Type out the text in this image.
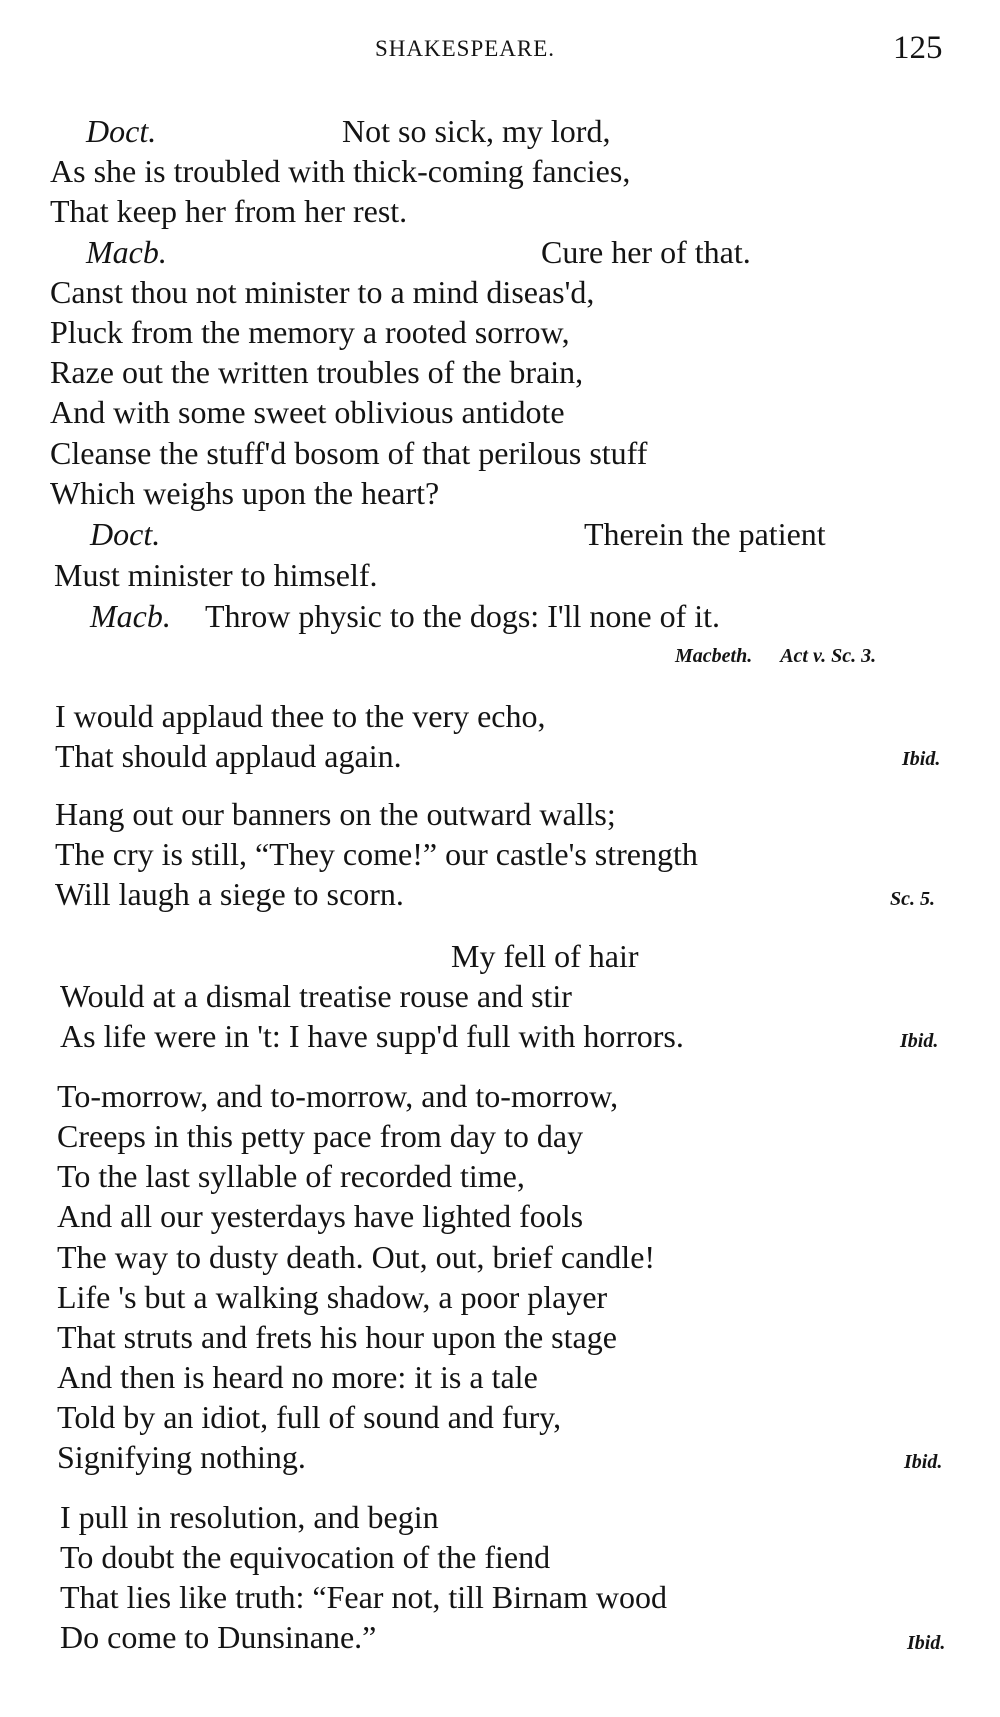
SHAKESPEARE.	125
Doct.	Not so sick, my lord,
As she is troubled with thick-coming fancies,
That keep her from her rest.
Macb.	Cure her of that.
Canst thou not minister to a mind diseas'd,
Pluck from the memory a rooted sorrow,
Raze out the written troubles of the brain,
And with some sweet oblivious antidote
Cleanse the stuff'd bosom of that perilous stuff
Which weighs upon the heart?
Doct.	Therein the patient
Must minister to himself.
Macb. Throw physic to the dogs: I'll none of it.
Macbeth. Act v. Sc. 3.
I would applaud thee to the very echo,
That should applaud again.	Ibid.
Hang out our banners on the outward walls;
The cry is still, “They come!” our castle's strength
Will laugh a siege to scorn.	Sc. 5.
My fell of hair
Would at a dismal treatise rouse and stir
As life were in 't: I have supp'd full with horrors.	Ibid.
To-morrow, and to-morrow, and to-morrow,
Creeps in this petty pace from day to day
To the last syllable of recorded time,
And all our yesterdays have lighted fools
The way to dusty death. Out, out, brief candle!
Life 's but a walking shadow, a poor player
That struts and frets his hour upon the stage
And then is heard no more: it is a tale
Told by an idiot, full of sound and fury,
Signifying nothing.	Ibid.
I pull in resolution, and begin
To doubt the equivocation of the fiend
That lies like truth: “Fear not, till Birnam wood
Do come to Dunsinane.”	Ibid.
